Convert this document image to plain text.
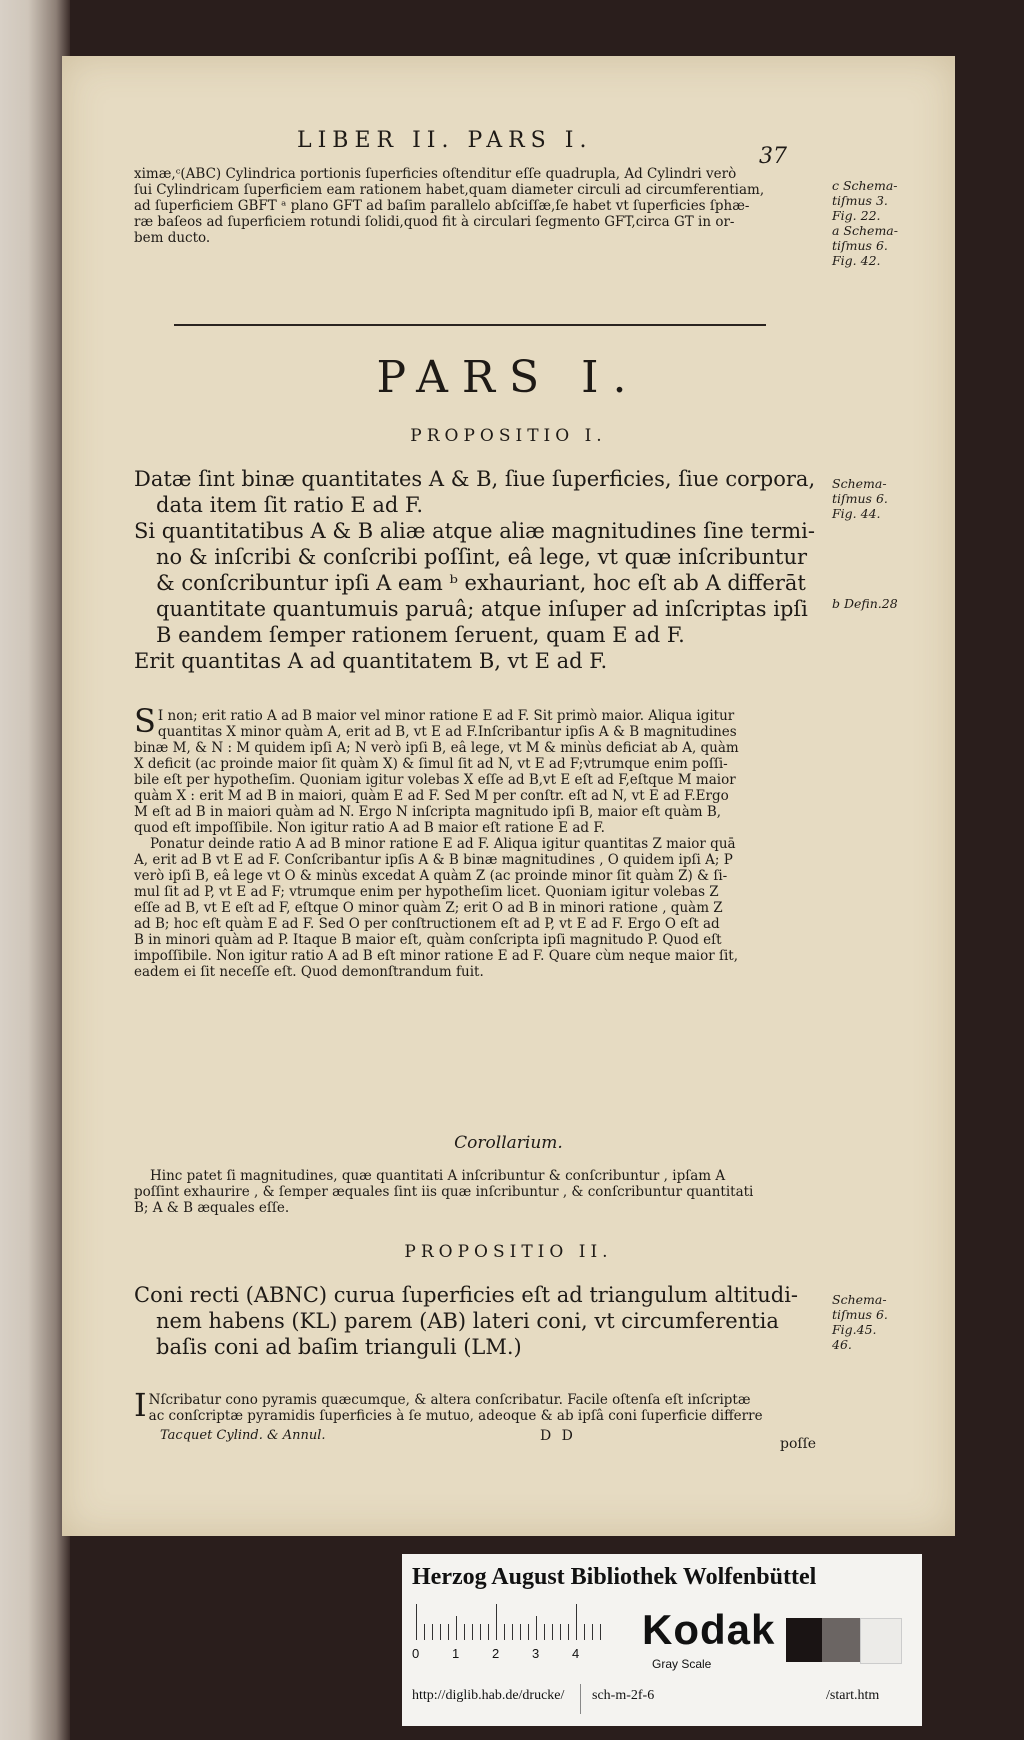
LIBER II. PARS I.
37
ximæ,ᶜ(ABC) Cylindrica portionis ſuperficies oſtenditur eſſe quadrupla, Ad Cylindri verò
ſui Cylindricam ſuperficiem eam rationem habet,quam diameter circuli ad circumferentiam,
ad ſuperficiem GBFT ᵃ plano GFT ad baſim parallelo abſciſſæ,ſe habet vt ſuperficies ſphæ-
ræ baſeos ad ſuperficiem rotundi ſolidi,quod fit à circulari ſegmento GFT,circa GT in or-
bem ducto.

c Schema-

tiſmus 3.

Fig. 22.

a Schema-

tiſmus 6.

Fig. 42.

PARS I.
PROPOSITIO I.

Datæ ſint binæ quantitates A & B, ſiue ſuperficies, ſiue corpora,

data item ſit ratio E ad F.

Si quantitatibus A & B aliæ atque aliæ magnitudines ſine termi-

no & inſcribi & conſcribi poſſint, eâ lege, vt quæ inſcribuntur

& conſcribuntur ipſi A eam ᵇ exhauriant, hoc eſt ab A differāt

quantitate quantumuis paruâ; atque inſuper ad inſcriptas ipſi

B eandem ſemper rationem ſeruent, quam E ad F.

Erit quantitas A ad quantitatem B, vt E ad F.

Schema-

tiſmus 6.

Fig. 44.

b Defin.28
S I non; erit ratio A ad B maior vel minor ratione E ad F. Sit primò maior. Aliqua igitur

quantitas X minor quàm A, erit ad B, vt E ad F.Inſcribantur ipſis A & B magnitudines

binæ M, & N : M quidem ipſi A; N verò ipſi B, eâ lege, vt M & minùs deficiat ab A, quàm

X deficit (ac proinde maior ſit quàm X) & ſimul ſit ad N, vt E ad F;vtrumque enim poſſi-

bile eſt per hypotheſim. Quoniam igitur volebas X eſſe ad B,vt E eſt ad F,eſtque M maior

quàm X : erit M ad B in maiori, quàm E ad F. Sed M per conſtr. eſt ad N, vt E ad F.Ergo

M eſt ad B in maiori quàm ad N. Ergo N inſcripta magnitudo ipſi B, maior eſt quàm B,

quod eſt impoſſibile. Non igitur ratio A ad B maior eſt ratione E ad F.

Ponatur deinde ratio A ad B minor ratione E ad F. Aliqua igitur quantitas Z maior quā

A, erit ad B vt E ad F. Conſcribantur ipſis A & B binæ magnitudines , O quidem ipſi A; P

verò ipſi B, eâ lege vt O & minùs excedat A quàm Z (ac proinde minor ſit quàm Z) & ſi-

mul ſit ad P, vt E ad F; vtrumque enim per hypotheſim licet. Quoniam igitur volebas Z

eſſe ad B, vt E eſt ad F, eſtque O minor quàm Z; erit O ad B in minori ratione , quàm Z

ad B; hoc eſt quàm E ad F. Sed O per conſtructionem eſt ad P, vt E ad F. Ergo O eſt ad

B in minori quàm ad P. Itaque B maior eſt, quàm conſcripta ipſi magnitudo P. Quod eſt

impoſſibile. Non igitur ratio A ad B eſt minor ratione E ad F. Quare cùm neque maior ſit,

eadem ei ſit neceſſe eſt. Quod demonſtrandum fuit.

Corollarium.

Hinc patet ſi magnitudines, quæ quantitati A inſcribuntur & conſcribuntur , ipſam A

poſſint exhaurire , & ſemper æquales ſint iis quæ inſcribuntur , & conſcribuntur quantitati

B; A & B æquales eſſe.

PROPOSITIO II.

Coni recti (ABNC) curua ſuperficies eſt ad triangulum altitudi-

nem habens (KL) parem (AB) lateri coni, vt circumferentia

baſis coni ad baſim trianguli (LM.)

Schema-

tiſmus 6.

Fig.45.

46.

I Nſcribatur cono pyramis quæcumque, & altera conſcribatur. Facile oſtenſa eſt inſcriptæ

ac conſcriptæ pyramidis ſuperficies à ſe mutuo, adeoque & ab ipſâ coni ſuperficie differre

Tacquet Cylind. & Annul.	D D	poſſe
Herzog August Bibliothek Wolfenbüttel
0	1	2	3	4
Kodak
Gray Scale
http://diglib.hab.de/drucke/ sch-m-2f-6	/start.htm
